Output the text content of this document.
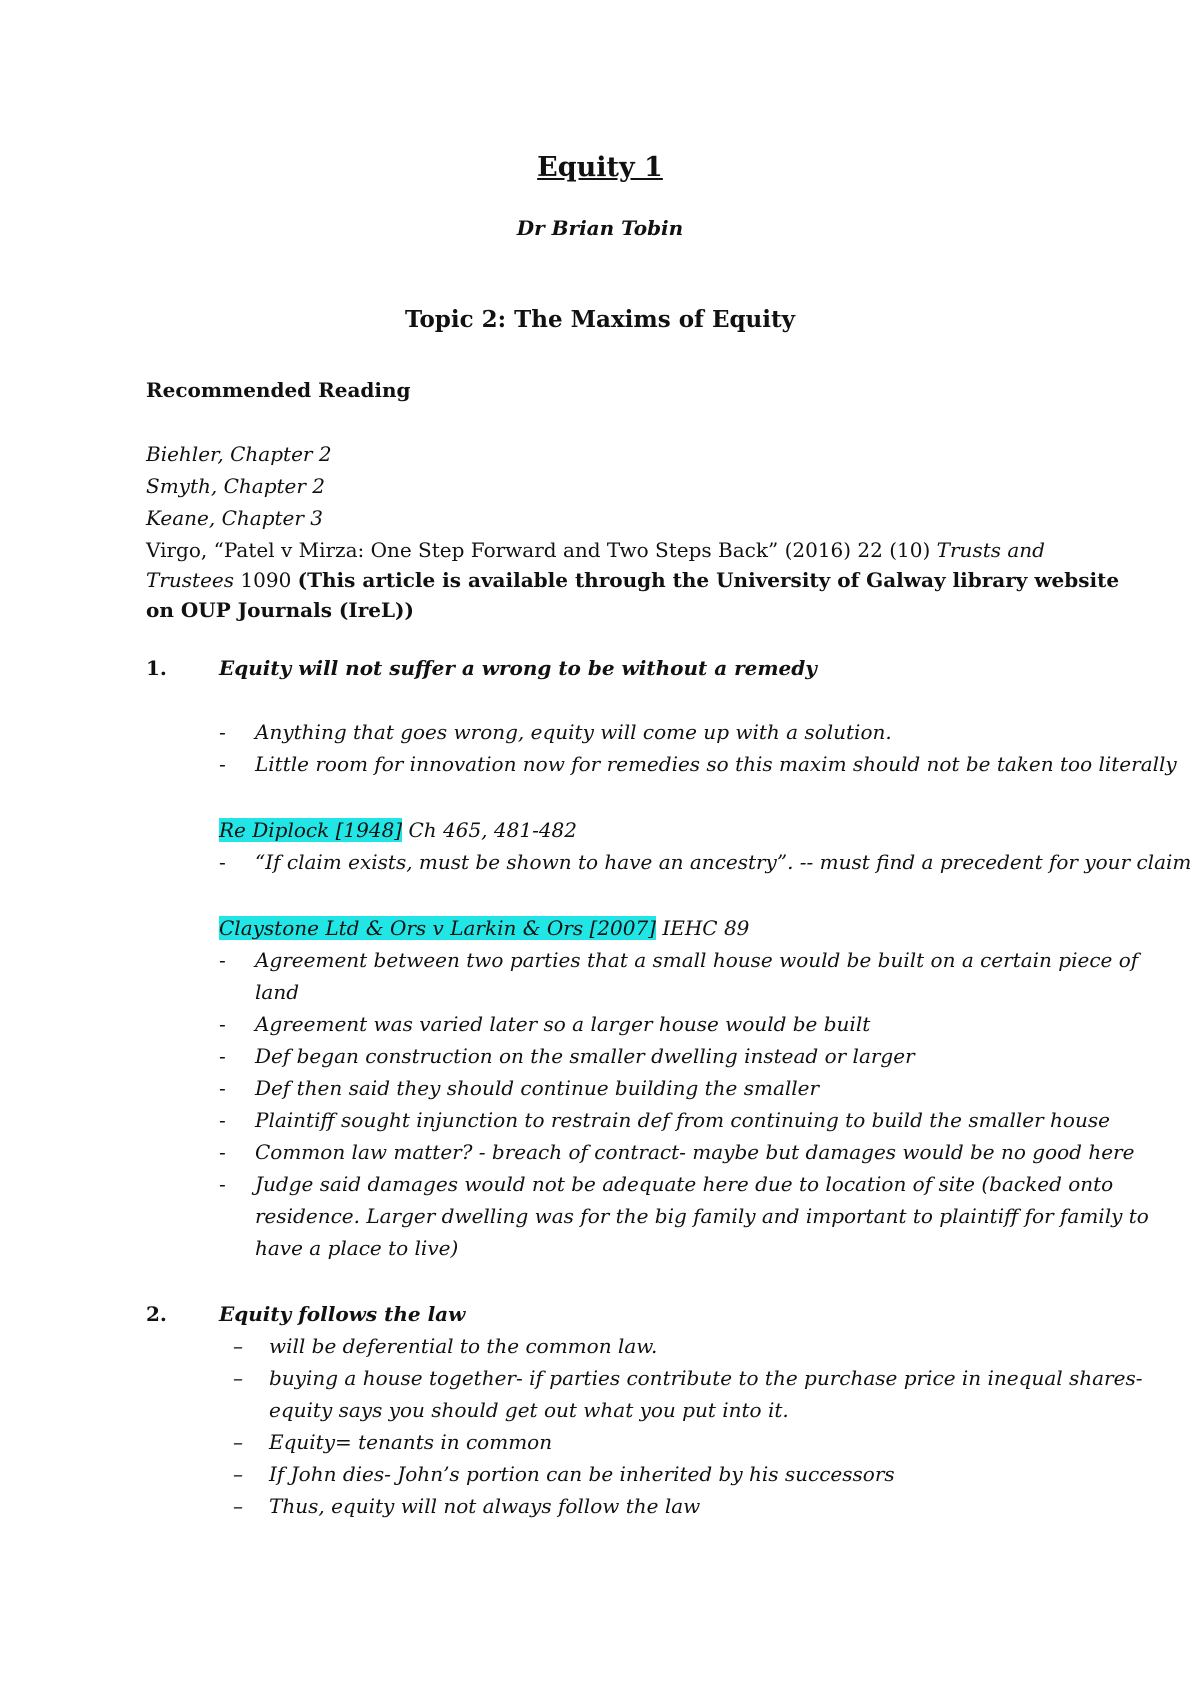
Equity 1
Dr Brian Tobin
Topic 2: The Maxims of Equity
Recommended Reading
Biehler, Chapter 2
Smyth, Chapter 2
Keane, Chapter 3
Virgo, “Patel v Mirza: One Step Forward and Two Steps Back” (2016) 22 (10) Trusts and
Trustees 1090 (This article is available through the University of Galway library website
on OUP Journals (IreL))
1.	Equity will not suffer a wrong to be without a remedy
- Anything that goes wrong, equity will come up with a solution.
- Little room for innovation now for remedies so this maxim should not be taken too literally
Re Diplock [1948] Ch 465, 481-482
- “If claim exists, must be shown to have an ancestry”. -- must find a precedent for your claim
Claystone Ltd & Ors v Larkin & Ors [2007] IEHC 89
- Agreement between two parties that a small house would be built on a certain piece of
land
- Agreement was varied later so a larger house would be built
- Def began construction on the smaller dwelling instead or larger
- Def then said they should continue building the smaller
- Plaintiff sought injunction to restrain def from continuing to build the smaller house
- Common law matter? - breach of contract- maybe but damages would be no good here
- Judge said damages would not be adequate here due to location of site (backed onto
residence. Larger dwelling was for the big family and important to plaintiff for family to
have a place to live)
2.	Equity follows the law
– will be deferential to the common law.
– buying a house together- if parties contribute to the purchase price in inequal shares-
equity says you should get out what you put into it.
– Equity= tenants in common
– If John dies- John’s portion can be inherited by his successors
– Thus, equity will not always follow the law
